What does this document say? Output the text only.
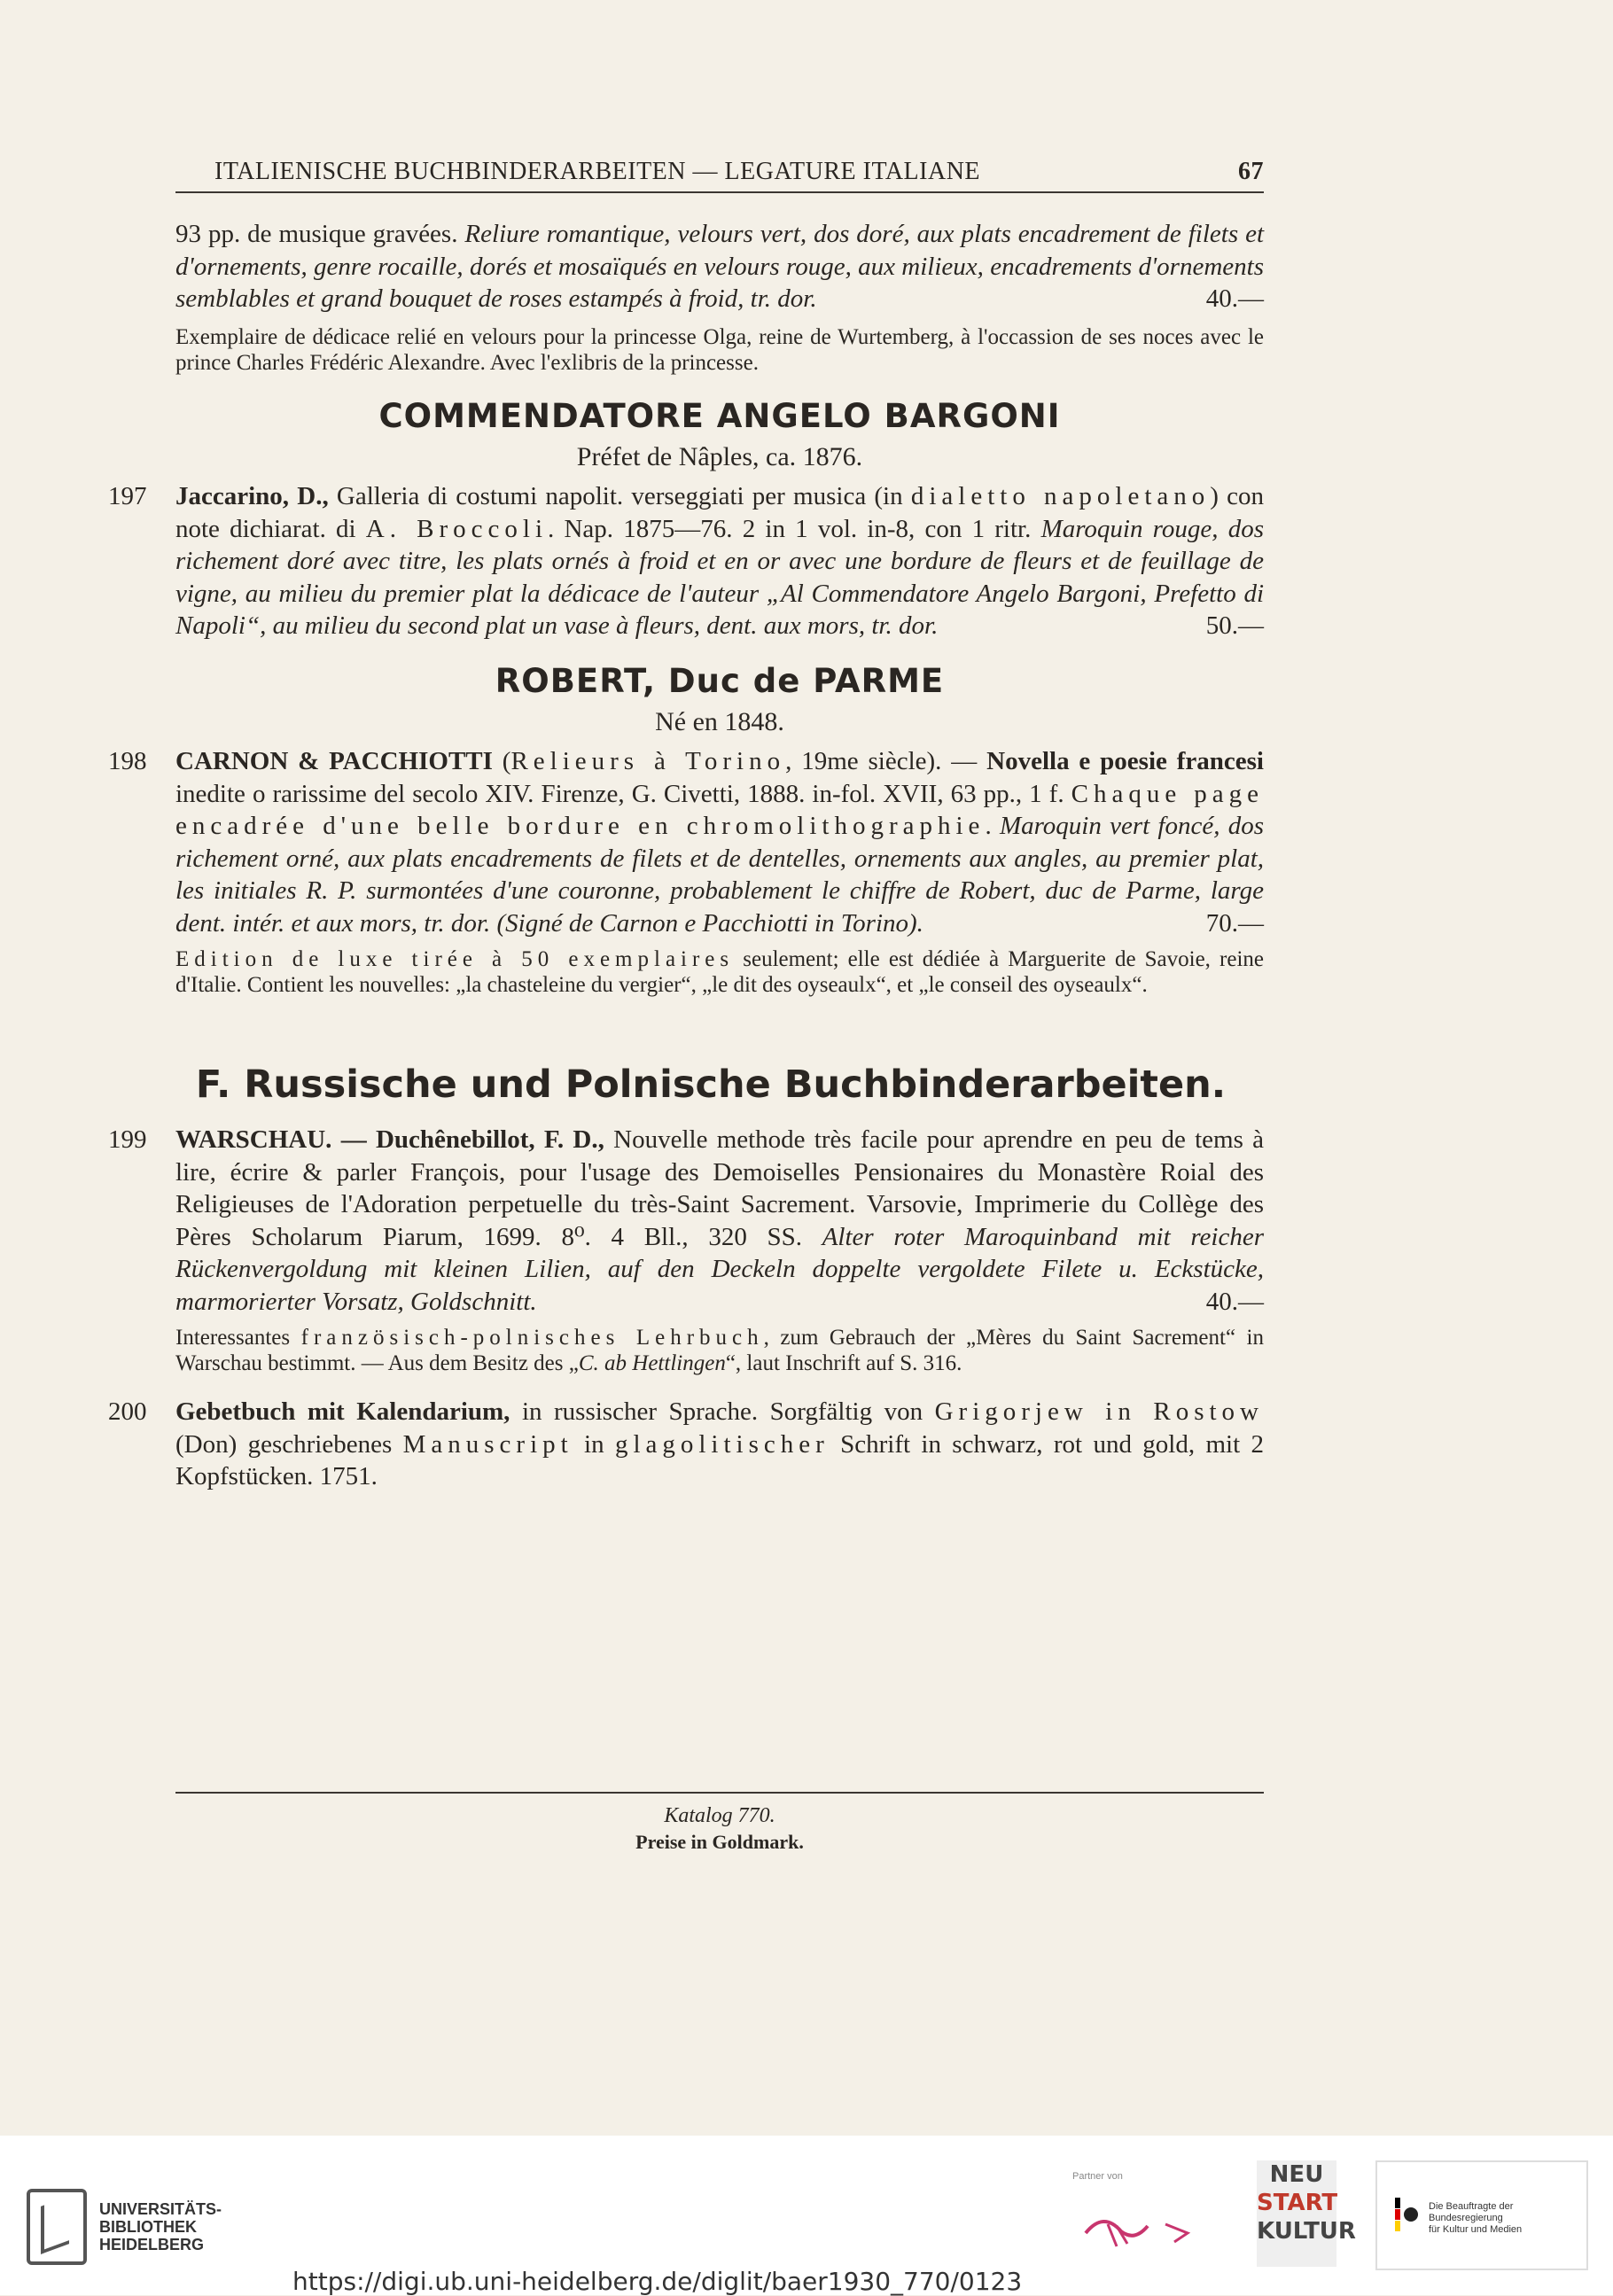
ITALIENISCHE BUCHBINDERARBEITEN — LEGATURE ITALIANE	67
93 pp. de musique gravées. Reliure romantique, velours vert, dos doré, aux plats encadrement de filets et d'ornements, genre rocaille, dorés et mosaïqués en velours rouge, aux milieux, encadrements d'ornements semblables et grand bouquet de roses estampés à froid, tr. dor.	40.—
Exemplaire de dédicace relié en velours pour la princesse Olga, reine de Wurtemberg, à l'occassion de ses noces avec le prince Charles Frédéric Alexandre. Avec l'exlibris de la princesse.
COMMENDATORE ANGELO BARGONI
Préfet de Nâples, ca. 1876.
197 Jaccarino, D., Galleria di costumi napolit. verseggiati per musica (in dialetto napoletano) con note dichiarat. di A. Broccoli. Nap. 1875—76. 2 in 1 vol. in-8, con 1 ritr. Maroquin rouge, dos richement doré avec titre, les plats ornés à froid et en or avec une bordure de fleurs et de feuillage de vigne, au milieu du premier plat la dédicace de l'auteur „Al Commendatore Angelo Bargoni, Prefetto di Napoli“, au milieu du second plat un vase à fleurs, dent. aux mors, tr. dor.	50.—
ROBERT, Duc de PARME
Né en 1848.
198 CARNON & PACCHIOTTI (Relieurs à Torino, 19me siècle). — Novella e poesie francesi inedite o rarissime del secolo XIV. Firenze, G. Civetti, 1888. in-fol. XVII, 63 pp., 1 f. Chaque page encadrée d'une belle bordure en chromolithographie. Maroquin vert foncé, dos richement orné, aux plats encadrements de filets et de dentelles, ornements aux angles, au premier plat, les initiales R. P. surmontées d'une couronne, probablement le chiffre de Robert, duc de Parme, large dent. intér. et aux mors, tr. dor. (Signé de Carnon e Pacchiotti in Torino).	70.—
Edition de luxe tirée à 50 exemplaires seulement; elle est dédiée à Marguerite de Savoie, reine d'Italie. Contient les nouvelles: „la chasteleine du vergier“, „le dit des oyseaulx“, et „le conseil des oyseaulx“.
F. Russische und Polnische Buchbinderarbeiten.
199 WARSCHAU. — Duchênebillot, F. D., Nouvelle methode très facile pour aprendre en peu de tems à lire, écrire & parler François, pour l'usage des Demoiselles Pensionaires du Monastère Roial des Religieuses de l'Adoration perpetuelle du très-Saint Sacrement. Varsovie, Imprimerie du Collège des Pères Scholarum Piarum, 1699. 8⁰. 4 Bll., 320 SS. Alter roter Maroquinband mit reicher Rückenvergoldung mit kleinen Lilien, auf den Deckeln doppelte vergoldete Filete u. Eckstücke, marmorierter Vorsatz, Goldschnitt.	40.—
Interessantes französisch-polnisches Lehrbuch, zum Gebrauch der „Mères du Saint Sacrement“ in Warschau bestimmt. — Aus dem Besitz des „C. ab Hettlingen“, laut Inschrift auf S. 316.
200 Gebetbuch mit Kalendarium, in russischer Sprache. Sorgfältig von Grigorjew in Rostow (Don) geschriebenes Manuscript in glagolitischer Schrift in schwarz, rot und gold, mit 2 Kopfstücken. 1751.
Katalog 770.
Preise in Goldmark.
UNIVERSITÄTS-
BIBLIOTHEK
HEIDELBERG
Partner von	NEU
START
KULTUR
Die Beauftragte der Bundesregierung
für Kultur und Medien
https://digi.ub.uni-heidelberg.de/diglit/baer1930_770/0123
